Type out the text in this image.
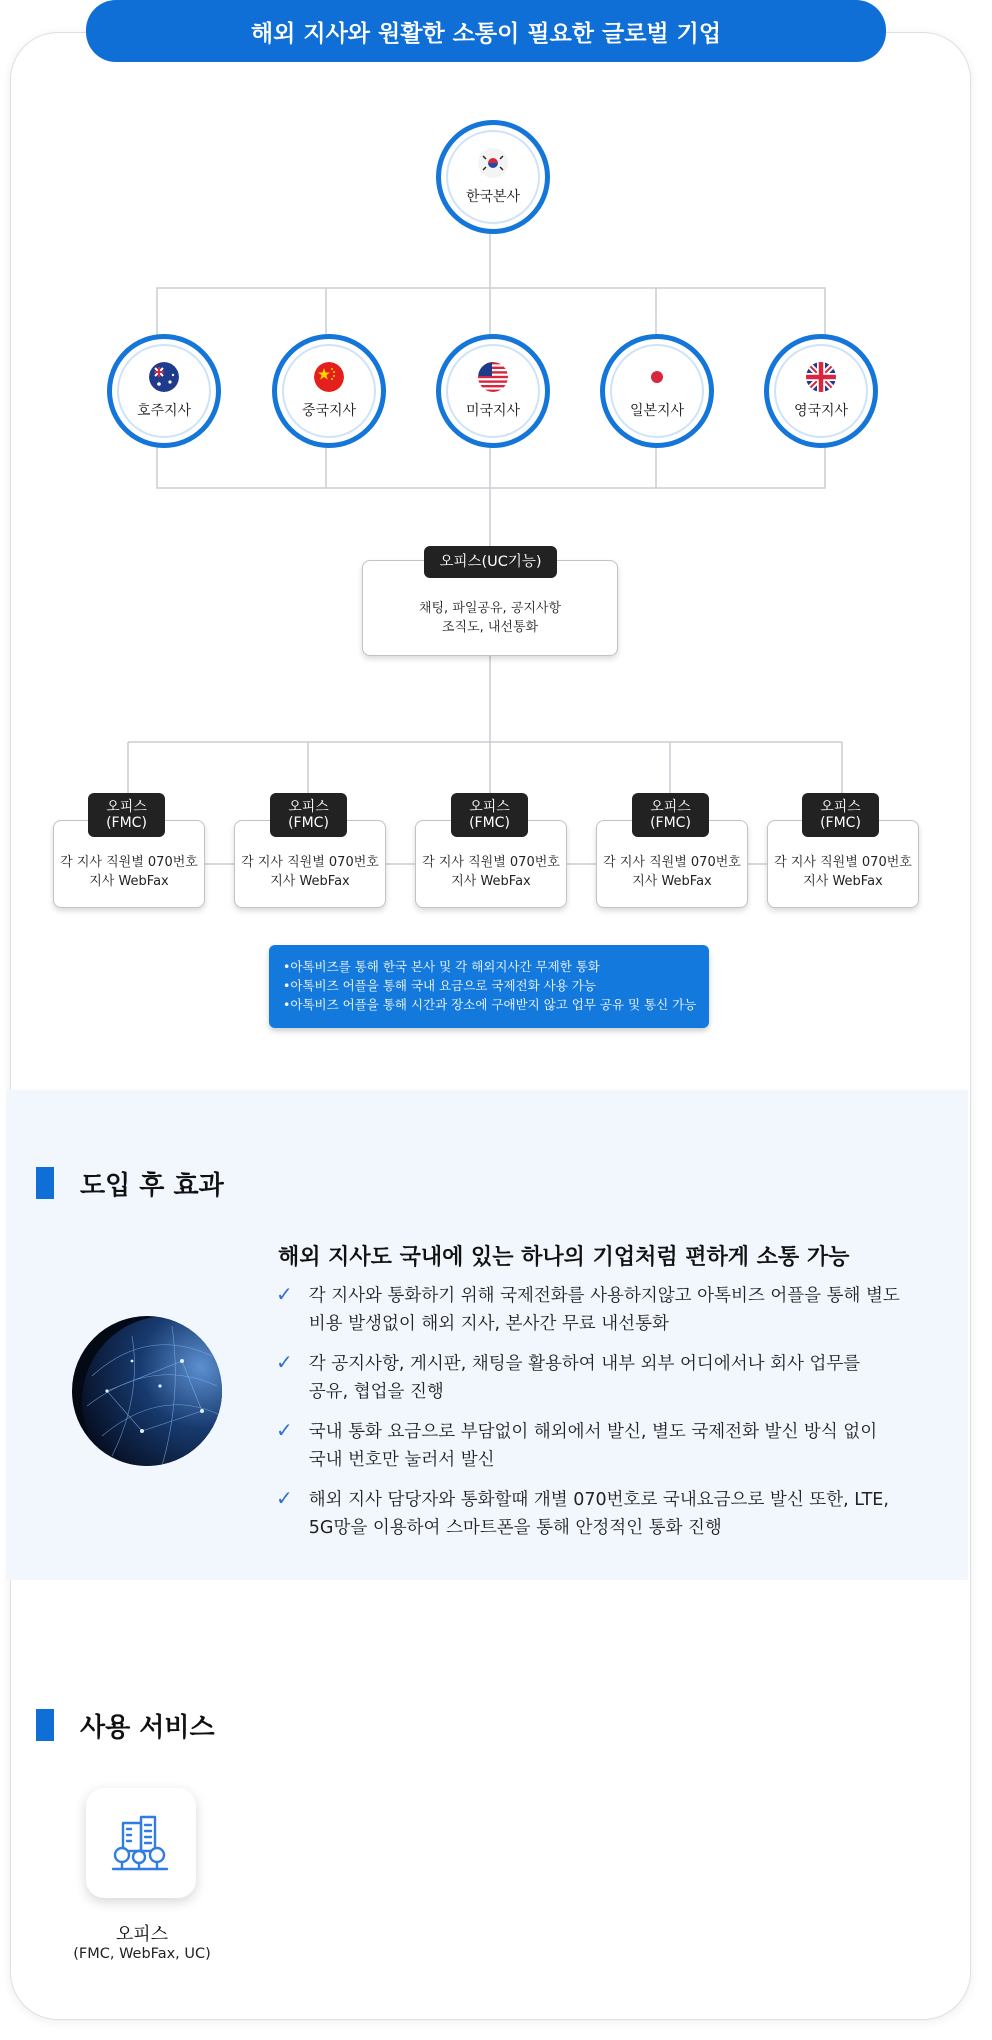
해외 지사와 원활한 소통이 필요한 글로벌 기업
한국본사
호주지사	중국지사	미국지사	일본지사	영국지사
채팅, 파일공유, 공지사항
조직도, 내선통화
오피스(UC기능)
각 지사 직원별 070번호
지사 WebFax
오피스
(FMC)
각 지사 직원별 070번호
지사 WebFax
오피스
(FMC)
각 지사 직원별 070번호
지사 WebFax
오피스
(FMC)
각 지사 직원별 070번호
지사 WebFax
오피스
(FMC)
각 지사 직원별 070번호
지사 WebFax
오피스
(FMC)
•아톡비즈를 통해 한국 본사 및 각 해외지사간 무제한 통화
•아톡비즈 어플을 통해 국내 요금으로 국제전화 사용 가능
•아톡비즈 어플을 통해 시간과 장소에 구애받지 않고 업무 공유 및 통신 가능
도입 후 효과
해외 지사도 국내에 있는 하나의 기업처럼 편하게 소통 가능
✓ 각 지사와 통화하기 위해 국제전화를 사용하지않고 아톡비즈 어플을 통해 별도
비용 발생없이 해외 지사, 본사간 무료 내선통화
✓ 각 공지사항, 게시판, 채팅을 활용하여 내부 외부 어디에서나 회사 업무를
공유, 협업을 진행
✓ 국내 통화 요금으로 부담없이 해외에서 발신, 별도 국제전화 발신 방식 없이
국내 번호만 눌러서 발신
✓ 해외 지사 담당자와 통화할때 개별 070번호로 국내요금으로 발신 또한, LTE,
5G망을 이용하여 스마트폰을 통해 안정적인 통화 진행
사용 서비스
오피스
(FMC, WebFax, UC)
